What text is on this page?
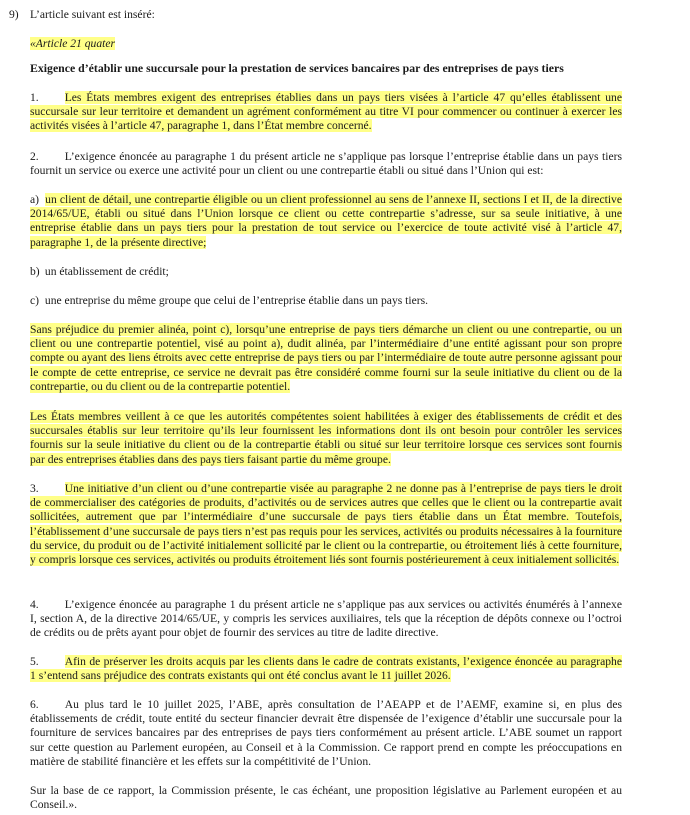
9) L’article suivant est inséré:

«Article 21 quater

Exigence d’établir une succursale pour la prestation de services bancaires par des entreprises de pays tiers

1. Les États membres exigent des entreprises établies dans un pays tiers visées à l’article 47 qu’elles établissent une succursale sur leur territoire et demandent un agrément conformément au titre VI pour commencer ou continuer à exercer les activités visées à l’article 47, paragraphe 1, dans l’État membre concerné.

2. L’exigence énoncée au paragraphe 1 du présent article ne s’applique pas lorsque l’entreprise établie dans un pays tiers fournit un service ou exerce une activité pour un client ou une contrepartie établi ou situé dans l’Union qui est:

a) un client de détail, une contrepartie éligible ou un client professionnel au sens de l’annexe II, sections I et II, de la directive 2014/65/UE, établi ou situé dans l’Union lorsque ce client ou cette contrepartie s’adresse, sur sa seule initiative, à une entreprise établie dans un pays tiers pour la prestation de tout service ou l’exercice de toute activité visé à l’article 47, paragraphe 1, de la présente directive;

b) un établissement de crédit;

c) une entreprise du même groupe que celui de l’entreprise établie dans un pays tiers.

Sans préjudice du premier alinéa, point c), lorsqu’une entreprise de pays tiers démarche un client ou une contrepartie, ou un client ou une contrepartie potentiel, visé au point a), dudit alinéa, par l’intermédiaire d’une entité agissant pour son propre compte ou ayant des liens étroits avec cette entreprise de pays tiers ou par l’intermédiaire de toute autre personne agissant pour le compte de cette entreprise, ce service ne devrait pas être considéré comme fourni sur la seule initiative du client ou de la contrepartie, ou du client ou de la contrepartie potentiel.

Les États membres veillent à ce que les autorités compétentes soient habilitées à exiger des établissements de crédit et des succursales établis sur leur territoire qu’ils leur fournissent les informations dont ils ont besoin pour contrôler les services fournis sur la seule initiative du client ou de la contrepartie établi ou situé sur leur territoire lorsque ces services sont fournis par des entreprises établies dans des pays tiers faisant partie du même groupe.

3. Une initiative d’un client ou d’une contrepartie visée au paragraphe 2 ne donne pas à l’entreprise de pays tiers le droit de commercialiser des catégories de produits, d’activités ou de services autres que celles que le client ou la contrepartie avait sollicitées, autrement que par l’intermédiaire d’une succursale de pays tiers établie dans un État membre. Toutefois, l’établissement d’une succursale de pays tiers n’est pas requis pour les services, activités ou produits nécessaires à la fourniture du service, du produit ou de l’activité initialement sollicité par le client ou la contrepartie, ou étroitement liés à cette fourniture, y compris lorsque ces services, activités ou produits étroitement liés sont fournis postérieurement à ceux initialement sollicités.

4. L’exigence énoncée au paragraphe 1 du présent article ne s’applique pas aux services ou activités énumérés à l’annexe I, section A, de la directive 2014/65/UE, y compris les services auxiliaires, tels que la réception de dépôts connexe ou l’octroi de crédits ou de prêts ayant pour objet de fournir des services au titre de ladite directive.

5. Afin de préserver les droits acquis par les clients dans le cadre de contrats existants, l’exigence énoncée au paragraphe 1 s’entend sans préjudice des contrats existants qui ont été conclus avant le 11 juillet 2026.

6. Au plus tard le 10 juillet 2025, l’ABE, après consultation de l’AEAPP et de l’AEMF, examine si, en plus des établissements de crédit, toute entité du secteur financier devrait être dispensée de l’exigence d’établir une succursale pour la fourniture de services bancaires par des entreprises de pays tiers conformément au présent article. L’ABE soumet un rapport sur cette question au Parlement européen, au Conseil et à la Commission. Ce rapport prend en compte les préoccupations en matière de stabilité financière et les effets sur la compétitivité de l’Union.

Sur la base de ce rapport, la Commission présente, le cas échéant, une proposition législative au Parlement européen et au Conseil.».
